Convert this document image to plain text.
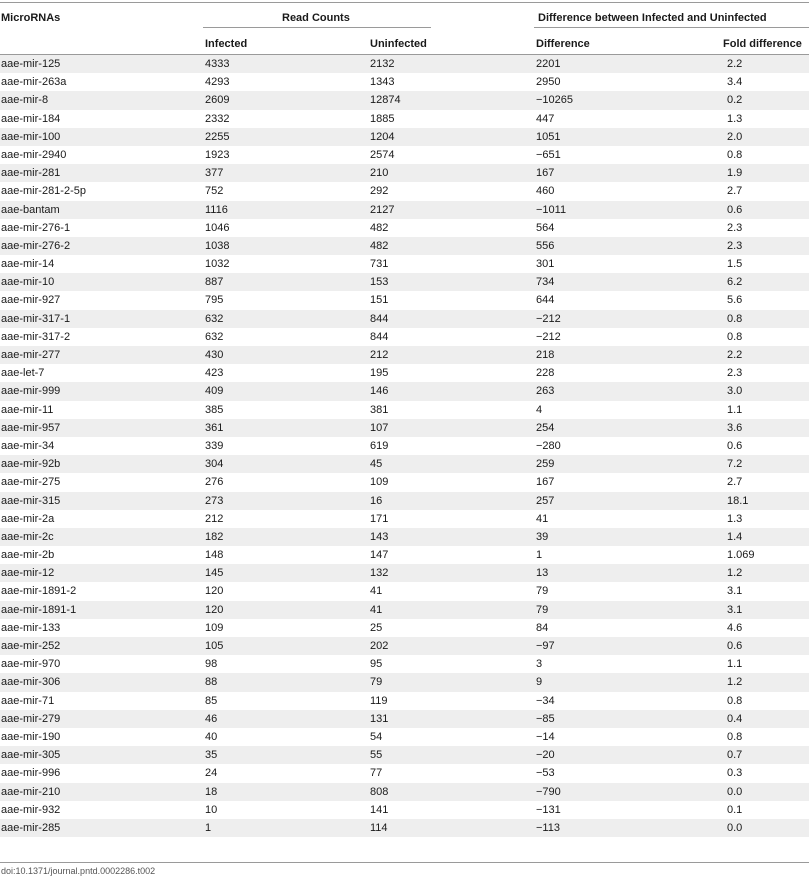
MicroRNAs	Read Counts	Difference between Infected and Uninfected
Infected	Uninfected	Difference	Fold difference
aae-mir-125	4333	2132	2201	2.2
aae-mir-263a	4293	1343	2950	3.4
aae-mir-8	2609	12874	−10265	0.2
aae-mir-184	2332	1885	447	1.3
aae-mir-100	2255	1204	1051	2.0
aae-mir-2940	1923	2574	−651	0.8
aae-mir-281	377	210	167	1.9
aae-mir-281-2-5p	752	292	460	2.7
aae-bantam	1116	2127	−1011	0.6
aae-mir-276-1	1046	482	564	2.3
aae-mir-276-2	1038	482	556	2.3
aae-mir-14	1032	731	301	1.5
aae-mir-10	887	153	734	6.2
aae-mir-927	795	151	644	5.6
aae-mir-317-1	632	844	−212	0.8
aae-mir-317-2	632	844	−212	0.8
aae-mir-277	430	212	218	2.2
aae-let-7	423	195	228	2.3
aae-mir-999	409	146	263	3.0
aae-mir-11	385	381	4	1.1
aae-mir-957	361	107	254	3.6
aae-mir-34	339	619	−280	0.6
aae-mir-92b	304	45	259	7.2
aae-mir-275	276	109	167	2.7
aae-mir-315	273	16	257	18.1
aae-mir-2a	212	171	41	1.3
aae-mir-2c	182	143	39	1.4
aae-mir-2b	148	147	1	1.069
aae-mir-12	145	132	13	1.2
aae-mir-1891-2	120	41	79	3.1
aae-mir-1891-1	120	41	79	3.1
aae-mir-133	109	25	84	4.6
aae-mir-252	105	202	−97	0.6
aae-mir-970	98	95	3	1.1
aae-mir-306	88	79	9	1.2
aae-mir-71	85	119	−34	0.8
aae-mir-279	46	131	−85	0.4
aae-mir-190	40	54	−14	0.8
aae-mir-305	35	55	−20	0.7
aae-mir-996	24	77	−53	0.3
aae-mir-210	18	808	−790	0.0
aae-mir-932	10	141	−131	0.1
aae-mir-285	1	114	−113	0.0
doi:10.1371/journal.pntd.0002286.t002
